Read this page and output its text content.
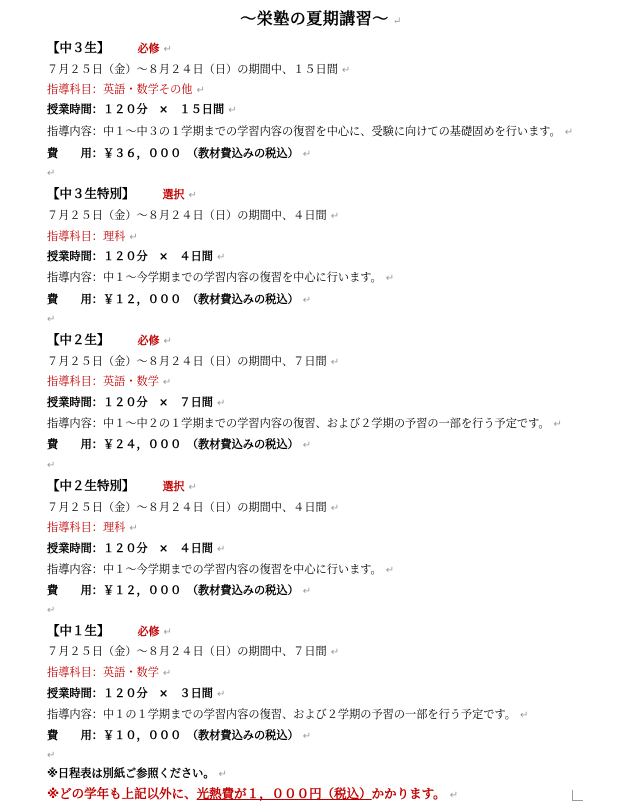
～栄塾の夏期講習～ ↵
【中３生】	必修 ↵
７月２５日（金）～８月２４日（日）の期間中、１５日間 ↵
指導科目：英語・数学その他 ↵
授業時間：１２０分　×　１５日間 ↵
指導内容：中１～中３の１学期までの学習内容の復習を中心に、受験に向けての基礎固めを行います。 ↵
費　　用：￥３６，０００　（教材費込みの税込） ↵
↵
【中３生特別】	選択 ↵
７月２５日（金）～８月２４日（日）の期間中、４日間 ↵
指導科目：理科 ↵
授業時間：１２０分　×　４日間 ↵
指導内容：中１～今学期までの学習内容の復習を中心に行います。 ↵
費　　用：￥１２，０００　（教材費込みの税込） ↵
↵
【中２生】	必修 ↵
７月２５日（金）～８月２４日（日）の期間中、７日間 ↵
指導科目：英語・数学 ↵
授業時間：１２０分　×　７日間 ↵
指導内容：中１～中２の１学期までの学習内容の復習、および２学期の予習の一部を行う予定です。 ↵
費　　用：￥２４，０００　（教材費込みの税込） ↵
↵
【中２生特別】	選択 ↵
７月２５日（金）～８月２４日（日）の期間中、４日間 ↵
指導科目：理科 ↵
授業時間：１２０分　×　４日間 ↵
指導内容：中１～今学期までの学習内容の復習を中心に行います。 ↵
費　　用：￥１２，０００　（教材費込みの税込） ↵
↵
【中１生】	必修 ↵
７月２５日（金）～８月２４日（日）の期間中、７日間 ↵
指導科目：英語・数学 ↵
授業時間：１２０分　×　３日間 ↵
指導内容：中１の１学期までの学習内容の復習、および２学期の予習の一部を行う予定です。 ↵
費　　用：￥１０，０００　（教材費込みの税込） ↵
↵
※日程表は別紙ご参照ください。 ↵
※どの学年も上記以外に、光熱費が１，０００円（税込）かかります。 ↵
